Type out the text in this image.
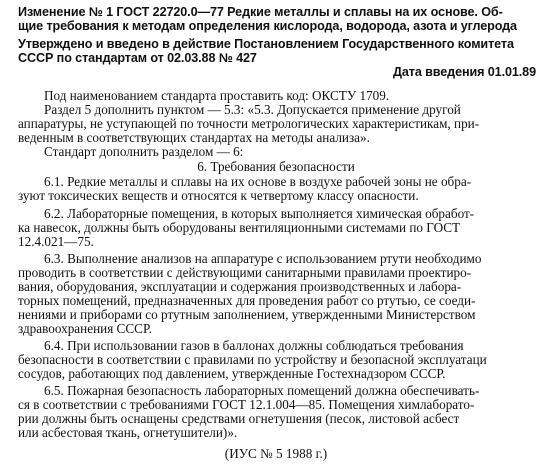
Изменение № 1 ГОСТ 22720.0—77 Редкие металлы и сплавы на их основе. Об-
щие требования к методам определения кислорода, водорода, азота и углерода
Утверждено и введено в действие Постановлением Государственного комитета
СССР по стандартам от 02.03.88 № 427
Дата введения 01.01.89
Под наименованием стандарта проставить код: ОКСТУ 1709.
Раздел 5 дополнить пунктом — 5.3: «5.3. Допускается применение другой
аппаратуры, не уступающей по точности метрологических характеристикам, при-
веденным в соответствующих стандартах на методы анализа».
Стандарт дополнить разделом — 6:
6. Требования безопасности
6.1. Редкие металлы и сплавы на их основе в воздухе рабочей зоны не обра-
зуют токсических веществ и относятся к четвертому классу опасности.
6.2. Лабораторные помещения, в которых выполняется химическая обработ-
ка навесок, должны быть оборудованы вентиляционными системами по ГОСТ
12.4.021—75.
6.3. Выполнение анализов на аппаратуре с использованием ртути необходимо
проводить в соответствии с действующими санитарными правилами проектиро-
вания, оборудования, эксплуатации и содержания производственных и лабора-
торных помещений, предназначенных для проведения работ со ртутью, се соеди-
нениями и приборами со ртутным заполнением, утвержденными Министерством
здравоохранения СССР.
6.4. При использовании газов в баллонах должны соблюдаться требования
безопасности в соответствии с правилами по устройству и безопасной эксплуатаци
сосудов, работающих под давлением, утвержденные Гостехнадзором СССР.
6.5. Пожарная безопасность лабораторных помещений должна обеспечивать-
ся в соответствии с требованиями ГОСТ 12.1.004—85. Помещения химлаборато-
рии должны быть оснащены средствами огнетушения (песок, листовой асбест
или асбестовая ткань, огнетушители)».
(ИУС № 5 1988 г.)
